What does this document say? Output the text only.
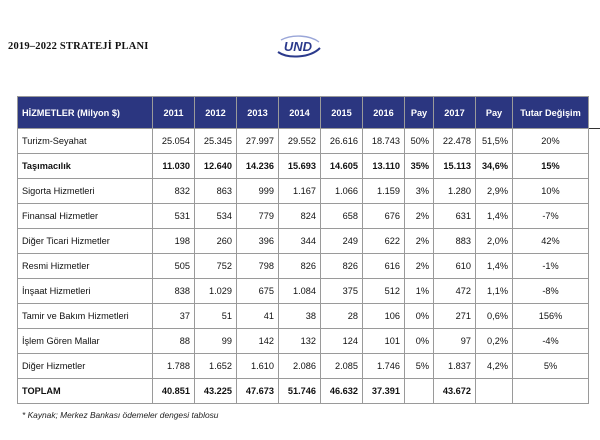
2019–2022 STRATEJİ PLANI	UND
HİZMETLER (Milyon $)	2011	2012	2013	2014	2015	2016	Pay	2017	Pay	Tutar Değişim
Turizm-Seyahat	25.054	25.345	27.997	29.552	26.616	18.743	50%	22.478	51,5%	20%
Taşımacılık	11.030	12.640	14.236	15.693	14.605	13.110	35%	15.113	34,6%	15%
Sigorta Hizmetleri	832	863	999	1.167	1.066	1.159	3%	1.280	2,9%	10%
Finansal Hizmetler	531	534	779	824	658	676	2%	631	1,4%	-7%
Diğer Ticari Hizmetler	198	260	396	344	249	622	2%	883	2,0%	42%
Resmi Hizmetler	505	752	798	826	826	616	2%	610	1,4%	-1%
İnşaat Hizmetleri	838	1.029	675	1.084	375	512	1%	472	1,1%	-8%
Tamir ve Bakım Hizmetleri	37	51	41	38	28	106	0%	271	0,6%	156%
İşlem Gören Mallar	88	99	142	132	124	101	0%	97	0,2%	-4%
Diğer Hizmetler	1.788	1.652	1.610	2.086	2.085	1.746	5%	1.837	4,2%	5%
TOPLAM	40.851	43.225	47.673	51.746	46.632	37.391		43.672		
* Kaynak; Merkez Bankası ödemeler dengesi tablosu
